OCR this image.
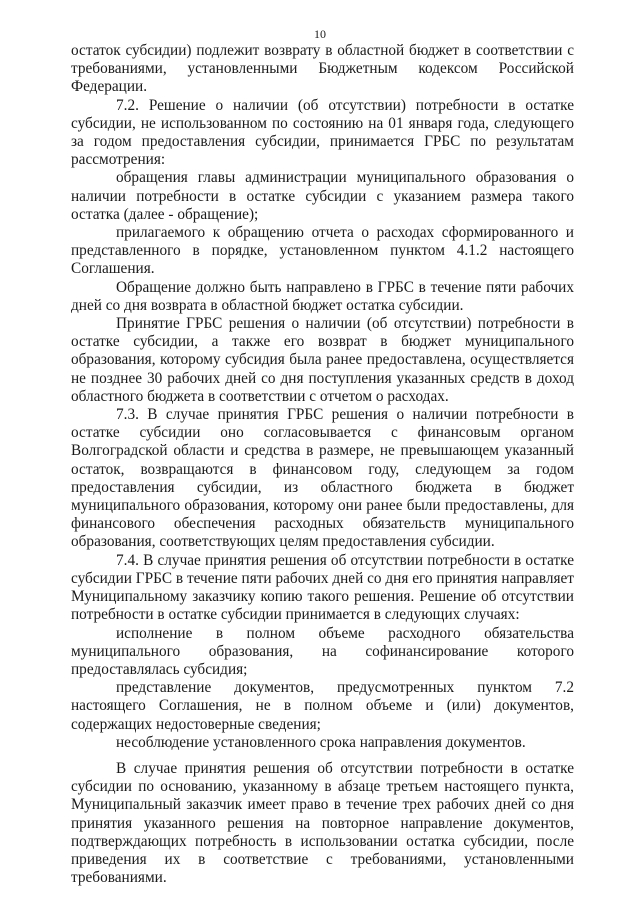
10

остаток субсидии) подлежит возврату в областной бюджет в соответствии с требованиями, установленными Бюджетным кодексом Российской Федерации.

7.2. Решение о наличии (об отсутствии) потребности в остатке субсидии, не использованном по состоянию на 01 января года, следующего за годом предоставления субсидии, принимается ГРБС по результатам рассмотрения:

обращения главы администрации муниципального образования о наличии потребности в остатке субсидии с указанием размера такого остатка (далее - обращение);

прилагаемого к обращению отчета о расходах сформированного и представленного в порядке, установленном пунктом 4.1.2 настоящего Соглашения.

Обращение должно быть направлено в ГРБС в течение пяти рабочих дней со дня возврата в областной бюджет остатка субсидии.

Принятие ГРБС решения о наличии (об отсутствии) потребности в остатке субсидии, а также его возврат в бюджет муниципального образования, которому субсидия была ранее предоставлена, осуществляется не позднее 30 рабочих дней со дня поступления указанных средств в доход областного бюджета в соответствии с отчетом о расходах.

7.3. В случае принятия ГРБС решения о наличии потребности в остатке субсидии оно согласовывается с финансовым органом Волгоградской области и средства в размере, не превышающем указанный остаток, возвращаются в финансовом году, следующем за годом предоставления субсидии, из областного бюджета в бюджет муниципального образования, которому они ранее были предоставлены, для финансового обеспечения расходных обязательств муниципального образования, соответствующих целям предоставления субсидии.

7.4. В случае принятия решения об отсутствии потребности в остатке субсидии ГРБС в течение пяти рабочих дней со дня его принятия направляет Муниципальному заказчику копию такого решения. Решение об отсутствии потребности в остатке субсидии принимается в следующих случаях:

исполнение в полном объеме расходного обязательства муниципального образования, на софинансирование которого предоставлялась субсидия;

представление документов, предусмотренных пунктом 7.2 настоящего Соглашения, не в полном объеме и (или) документов, содержащих недостоверные сведения;

несоблюдение установленного срока направления документов.

В случае принятия решения об отсутствии потребности в остатке субсидии по основанию, указанному в абзаце третьем настоящего пункта, Муниципальный заказчик имеет право в течение трех рабочих дней со дня принятия указанного решения на повторное направление документов, подтверждающих потребность в использовании остатка субсидии, после приведения их в соответствие с требованиями, установленными требованиями.
